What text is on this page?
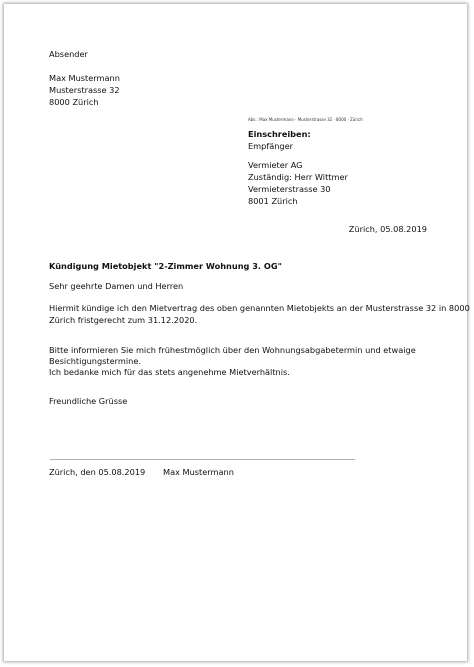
Absender

Max Mustermann

Musterstrasse 32

8000 Zürich

Abs.: Max Mustermann · Musterstrasse 32 · 8000 · Zürich

Einschreiben:

Empfänger

Vermieter AG

Zuständig: Herr Wittmer

Vermieterstrasse 30

8001 Zürich

Zürich, 05.08.2019

Kündigung Mietobjekt "2-Zimmer Wohnung 3. OG"

Sehr geehrte Damen und Herren

Hiermit kündige ich den Mietvertrag des oben genannten Mietobjekts an der Musterstrasse 32 in 8000

Zürich fristgerecht zum 31.12.2020.

Bitte informieren Sie mich frühestmöglich über den Wohnungsabgabetermin und etwaige

Besichtigungstermine.

Ich bedanke mich für das stets angenehme Mietverhältnis.

Freundliche Grüsse

Zürich, den 05.08.2019 Max Mustermann
